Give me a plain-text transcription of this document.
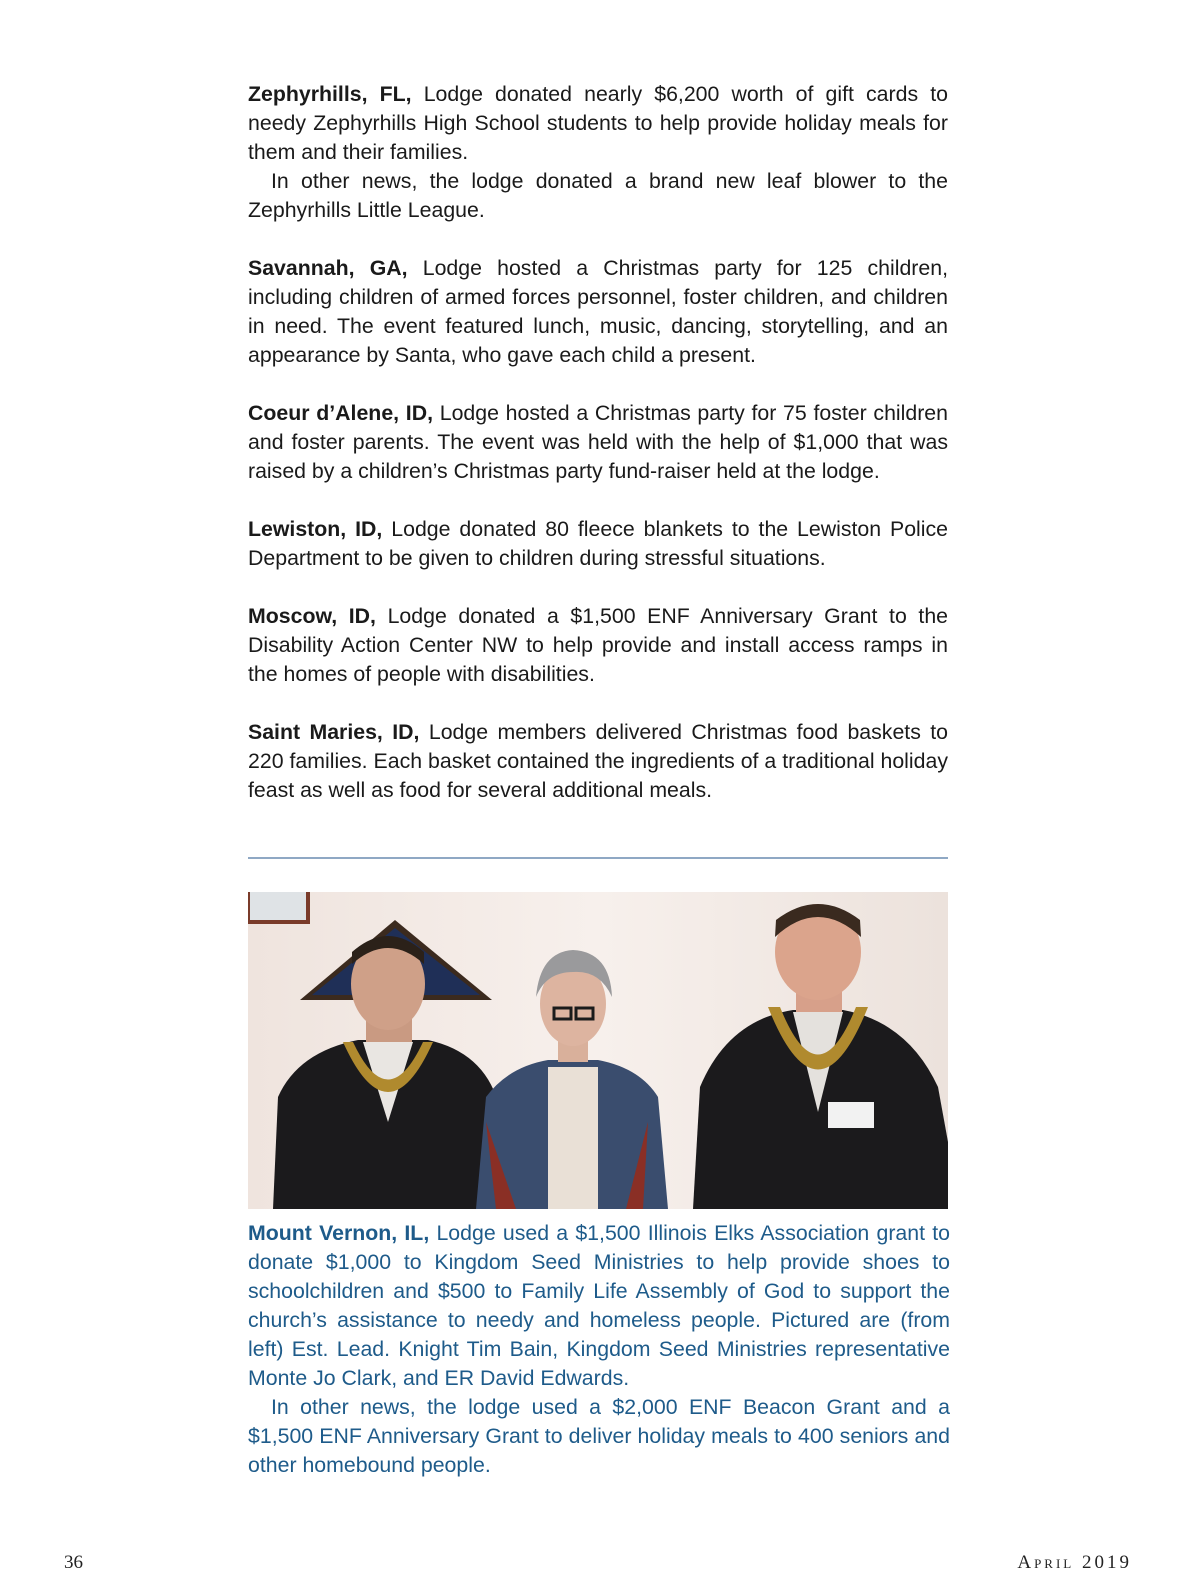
Zephyrhills, FL, Lodge donated nearly $6,200 worth of gift cards to needy Zephyrhills High School students to help provide holiday meals for them and their families.

In other news, the lodge donated a brand new leaf blower to the Zephyrhills Little League.

Savannah, GA, Lodge hosted a Christmas party for 125 children, including children of armed forces personnel, foster children, and children in need. The event featured lunch, music, dancing, storytelling, and an appearance by Santa, who gave each child a present.

Coeur d’Alene, ID, Lodge hosted a Christmas party for 75 foster children and foster parents. The event was held with the help of $1,000 that was raised by a children’s Christmas party fund-raiser held at the lodge.

Lewiston, ID, Lodge donated 80 fleece blankets to the Lewiston Police Department to be given to children during stressful situations.

Moscow, ID, Lodge donated a $1,500 ENF Anniversary Grant to the Disability Action Center NW to help provide and install access ramps in the homes of people with disabilities.

Saint Maries, ID, Lodge members delivered Christmas food baskets to 220 families. Each basket contained the ingredients of a traditional holiday feast as well as food for several additional meals.

Mount Vernon, IL, Lodge used a $1,500 Illinois Elks Association grant to donate $1,000 to Kingdom Seed Ministries to help provide shoes to schoolchildren and $500 to Family Life Assembly of God to support the church’s assistance to needy and homeless people. Pictured are (from left) Est. Lead. Knight Tim Bain, Kingdom Seed Ministries representative Monte Jo Clark, and ER David Edwards.

In other news, the lodge used a $2,000 ENF Beacon Grant and a $1,500 ENF Anniversary Grant to deliver holiday meals to 400 seniors and other homebound people.

36	April 2019
